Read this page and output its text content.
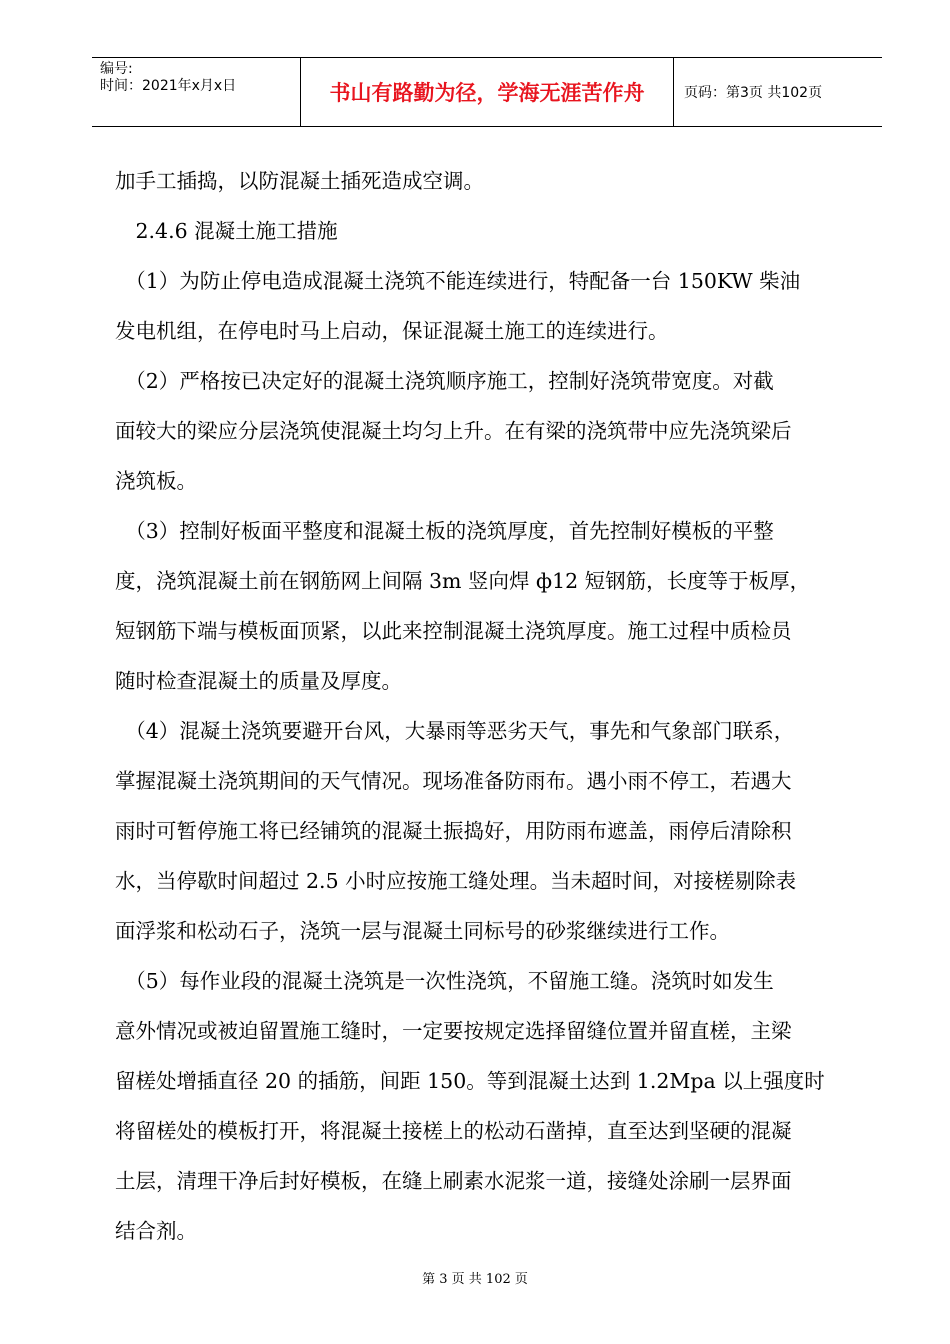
编号:
时间：2021年x月x日	书山有路勤为径，学海无涯苦作舟	页码：第3页 共102页

加手工插捣，以防混凝土插死造成空调。

　2.4.6 混凝土施工措施

　（1）为防止停电造成混凝土浇筑不能连续进行，特配备一台 150KW 柴油

发电机组，在停电时马上启动，保证混凝土施工的连续进行。

　（2）严格按已决定好的混凝土浇筑顺序施工，控制好浇筑带宽度。对截

面较大的梁应分层浇筑使混凝土均匀上升。在有梁的浇筑带中应先浇筑梁后

浇筑板。

　（3）控制好板面平整度和混凝土板的浇筑厚度，首先控制好模板的平整

度，浇筑混凝土前在钢筋网上间隔 3m 竖向焊 ф12 短钢筋，长度等于板厚，

短钢筋下端与模板面顶紧，以此来控制混凝土浇筑厚度。施工过程中质检员

随时检查混凝土的质量及厚度。

　（4）混凝土浇筑要避开台风，大暴雨等恶劣天气，事先和气象部门联系，

掌握混凝土浇筑期间的天气情况。现场准备防雨布。遇小雨不停工，若遇大

雨时可暂停施工将已经铺筑的混凝土振捣好，用防雨布遮盖，雨停后清除积

水，当停歇时间超过 2.5 小时应按施工缝处理。当未超时间，对接槎剔除表

面浮浆和松动石子，浇筑一层与混凝土同标号的砂浆继续进行工作。

　（5）每作业段的混凝土浇筑是一次性浇筑，不留施工缝。浇筑时如发生

意外情况或被迫留置施工缝时，一定要按规定选择留缝位置并留直槎，主梁

留槎处增插直径 20 的插筋，间距 150。等到混凝土达到 1.2Mpa 以上强度时

将留槎处的模板打开，将混凝土接槎上的松动石凿掉，直至达到坚硬的混凝

土层，清理干净后封好模板，在缝上刷素水泥浆一道，接缝处涂刷一层界面

结合剂。

第 3 页 共 102 页
